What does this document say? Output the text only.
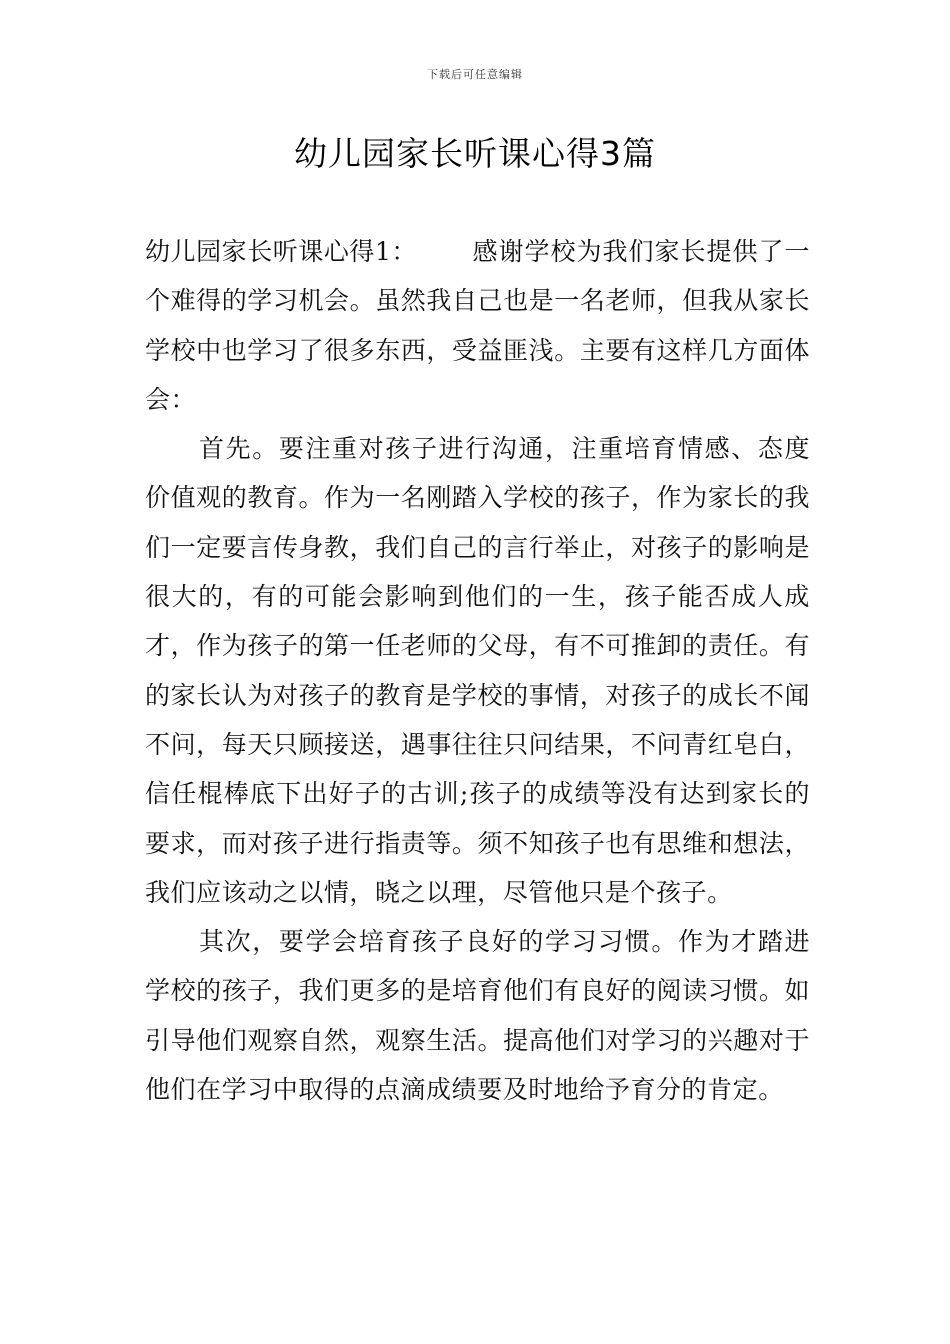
下载后可任意编辑
幼儿园家长听课心得3篇

幼儿园家长听课心得1： 感谢学校为我们家长提供了一个难得的学习机会。虽然我自己也是一名老师，但我从家长学校中也学习了很多东西，受益匪浅。主要有这样几方面体会：

首先。要注重对孩子进行沟通，注重培育情感、态度价值观的教育。作为一名刚踏入学校的孩子，作为家长的我们一定要言传身教，我们自己的言行举止，对孩子的影响是很大的，有的可能会影响到他们的一生，孩子能否成人成才，作为孩子的第一任老师的父母，有不可推卸的责任。有的家长认为对孩子的教育是学校的事情，对孩子的成长不闻不问，每天只顾接送，遇事往往只问结果，不问青红皂白，信任棍棒底下出好子的古训;孩子的成绩等没有达到家长的要求，而对孩子进行指责等。须不知孩子也有思维和想法，我们应该动之以情，晓之以理，尽管他只是个孩子。

其次，要学会培育孩子良好的学习习惯。作为才踏进学校的孩子，我们更多的是培育他们有良好的阅读习惯。如引导他们观察自然，观察生活。提高他们对学习的兴趣对于他们在学习中取得的点滴成绩要及时地给予育分的肯定。
